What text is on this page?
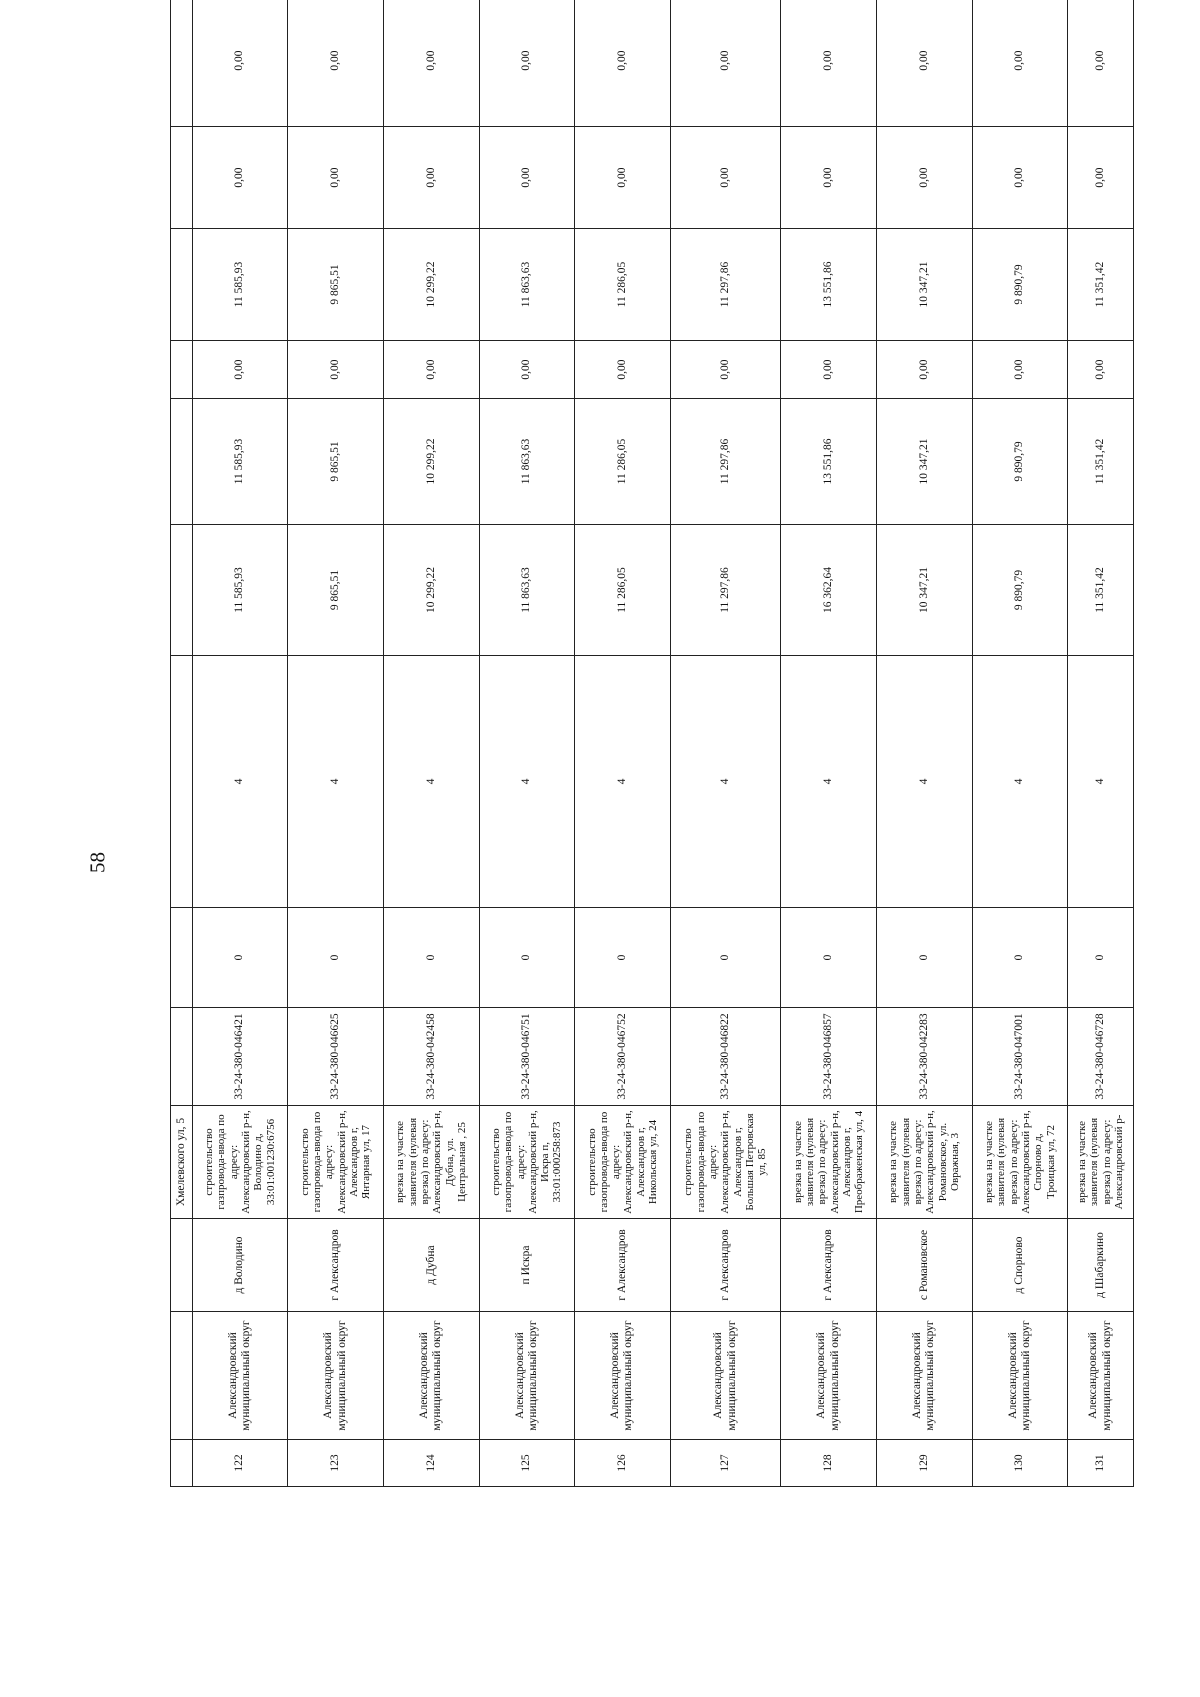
58
			Хмелевского ул, 5									
122	Александровский муниципальный округ	д Володино	строительство газпровода-ввода по адресу: Александровский р-н, Володино д, 33:01:001230:6756	33-24-380-046421	0	4	11 585,93	11 585,93	0,00	11 585,93	0,00	0,00
123	Александровский муниципальный округ	г Александров	строительство газопровода-ввода по адресу: Александровский р-н, Александров г, Янтарная ул, 17	33-24-380-046625	0	4	9 865,51	9 865,51	0,00	9 865,51	0,00	0,00
124	Александровский муниципальный округ	д Дубна	врезка на участке заявителя (нулевая врезка) по адресу: Александровский р-н, Дубна, ул. Центральная , 25	33-24-380-042458	0	4	10 299,22	10 299,22	0,00	10 299,22	0,00	0,00
125	Александровский муниципальный округ	п Искра	строительство газопровода-ввода по адресу: Александровский р-н, Искра п, 33:01:000258:873	33-24-380-046751	0	4	11 863,63	11 863,63	0,00	11 863,63	0,00	0,00
126	Александровский муниципальный округ	г Александров	строительство газопровода-ввода по адресу: Александровский р-н, Александров г, Никольская ул, 24	33-24-380-046752	0	4	11 286,05	11 286,05	0,00	11 286,05	0,00	0,00
127	Александровский муниципальный округ	г Александров	строительство газопровода-ввода по адресу: Александровский р-н, Александров г, Большая Петровская ул, 85	33-24-380-046822	0	4	11 297,86	11 297,86	0,00	11 297,86	0,00	0,00
128	Александровский муниципальный округ	г Александров	врезка на участке заявителя (нулевая врезка) по адресу: Александровский р-н, Александров г, Преображенская ул, 4	33-24-380-046857	0	4	16 362,64	13 551,86	0,00	13 551,86	0,00	0,00
129	Александровский муниципальный округ	с Романовское	врезка на участке заявителя (нулевая врезка) по адресу: Александровский р-н, Романовское, ул. Овражная, 3	33-24-380-042283	0	4	10 347,21	10 347,21	0,00	10 347,21	0,00	0,00
130	Александровский муниципальный округ	д Спорново	врезка на участке заявителя (нулевая врезка) по адресу: Александровский р-н, Спорново д, Троицкая ул, 72	33-24-380-047001	0	4	9 890,79	9 890,79	0,00	9 890,79	0,00	0,00
131	Александровский муниципальный округ	д Шабаркино	врезка на участке заявителя (нулевая врезка) по адресу: Александровский р-	33-24-380-046728	0	4	11 351,42	11 351,42	0,00	11 351,42	0,00	0,00
